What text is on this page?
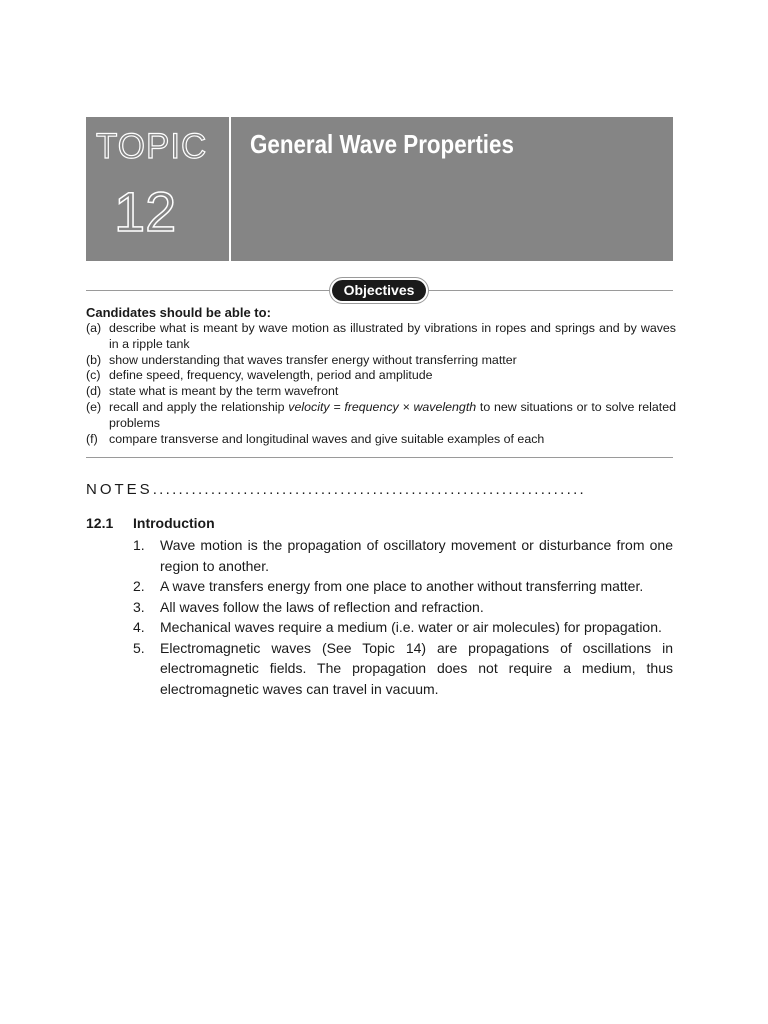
TOPIC
12
General Wave Properties
Objectives
Candidates should be able to:
(a) describe what is meant by wave motion as illustrated by vibrations in ropes and springs and by waves in a ripple tank
(b) show understanding that waves transfer energy without transferring matter
(c) define speed, frequency, wavelength, period and amplitude
(d) state what is meant by the term wavefront
(e) recall and apply the relationship velocity = frequency × wavelength to new situations or to solve related problems
(f) compare transverse and longitudinal waves and give suitable examples of each
NOTES...................................................................
12.1 Introduction
1.	Wave motion is the propagation of oscillatory movement or disturbance from one region to another.
2.	A wave transfers energy from one place to another without transferring matter.
3.	All waves follow the laws of reflection and refraction.
4.	Mechanical waves require a medium (i.e. water or air molecules) for propagation.
5.	Electromagnetic waves (See Topic 14) are propagations of oscillations in electromagnetic fields. The propagation does not require a medium, thus electromagnetic waves can travel in vacuum.
